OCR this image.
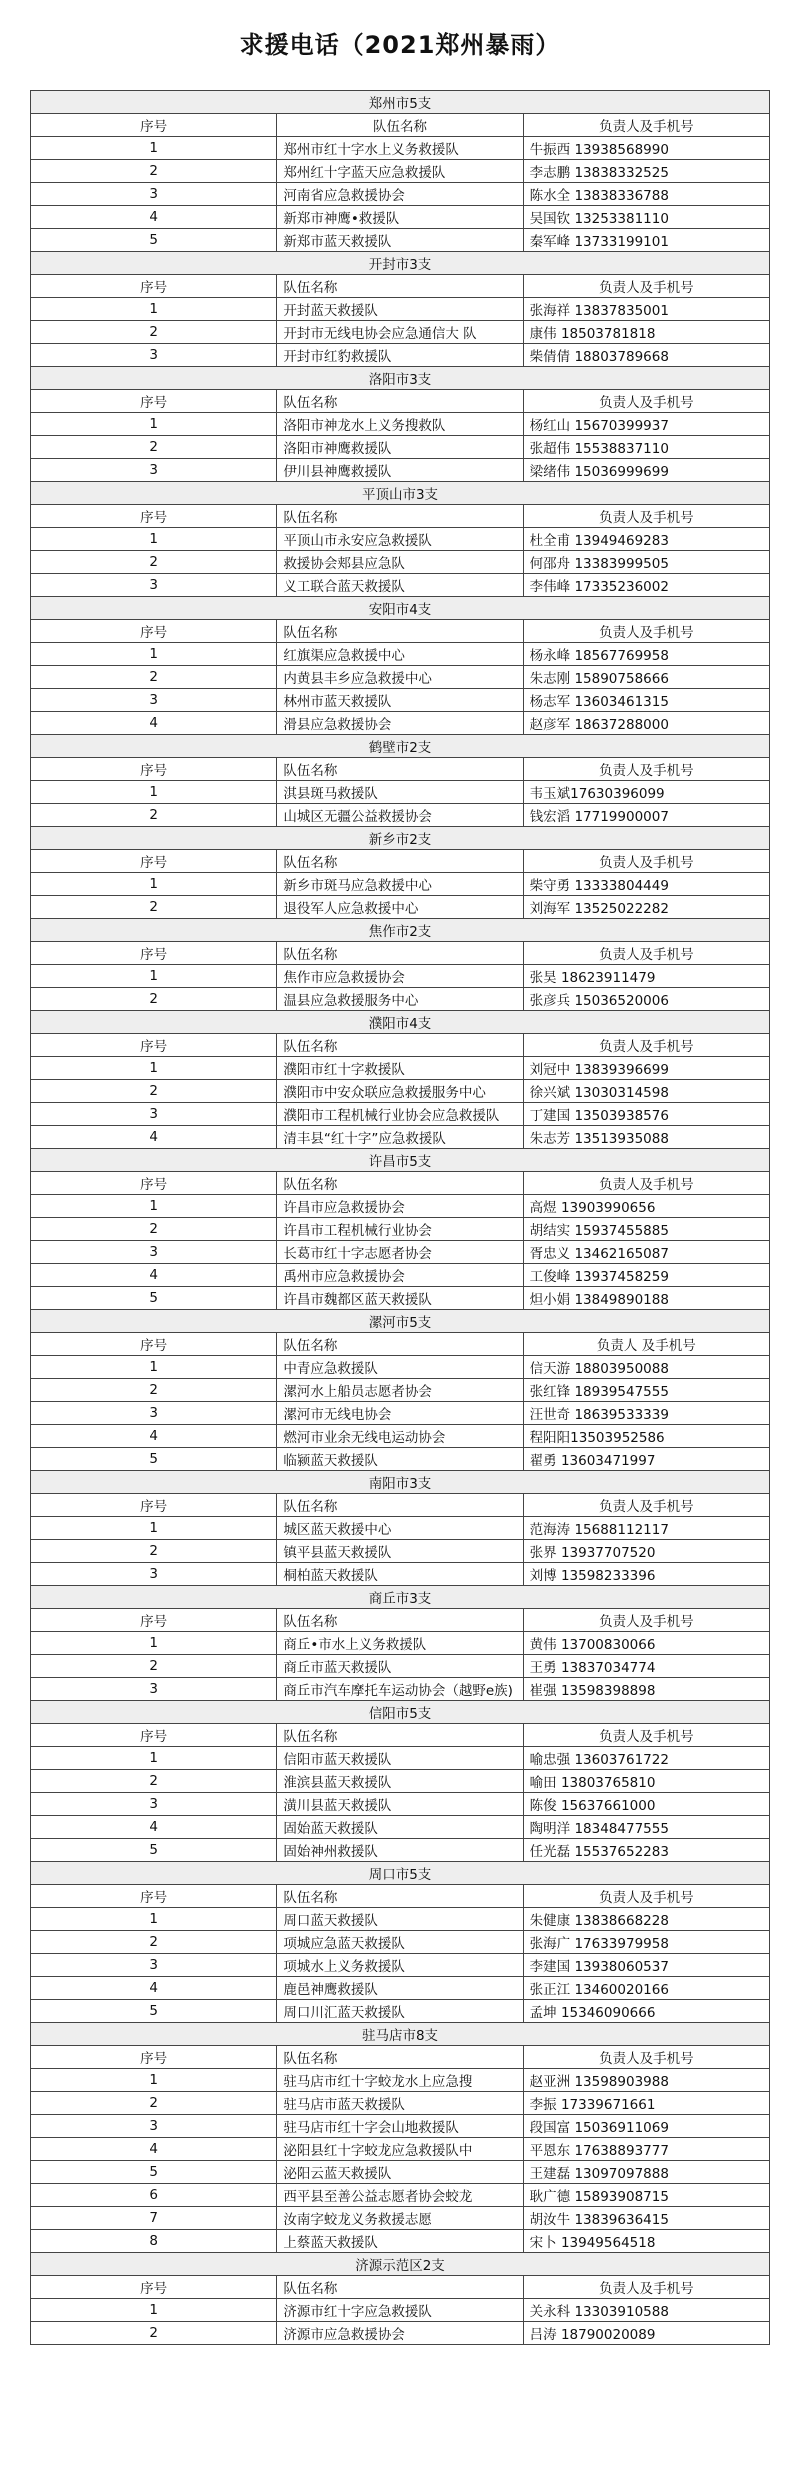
求援电话（2021郑州暴雨）
郑州市5支		
序号	队伍名称	负责人及手机号
1	郑州市红十字水上义务救援队	牛振西 13938568990
2	郑州红十字蓝天应急救援队	李志鹏 13838332525
3	河南省应急救援协会	陈水全 13838336788
4	新郑市神鹰•救援队	吴国钦 13253381110
5	新郑市蓝天救援队	秦军峰 13733199101
开封市3支		
序号	队伍名称	负责人及手机号
1	开封蓝天救援队	张海祥 13837835001
2	开封市无线电协会应急通信大 队	康伟 18503781818
3	开封市红豹救援队	柴倩倩 18803789668
洛阳市3支		
序号	队伍名称	负责人及手机号
1	洛阳市神龙水上义务搜救队	杨红山 15670399937
2	洛阳市神鹰救援队	张超伟 15538837110
3	伊川县神鹰救援队	梁绪伟 15036999699
平顶山市3支		
序号	队伍名称	负责人及手机号
1	平顶山市永安应急救援队	杜全甫 13949469283
2	救援协会郏县应急队	何邵舟 13383999505
3	义工联合蓝天救援队	李伟峰 17335236002
安阳市4支		
序号	队伍名称	负责人及手机号
1	红旗渠应急救援中心	杨永峰 18567769958
2	内黄县丰乡应急救援中心	朱志刚 15890758666
3	林州市蓝天救援队	杨志军 13603461315
4	滑县应急救援协会	赵彦军 18637288000
鹤壁市2支		
序号	队伍名称	负责人及手机号
1	淇县斑马救援队	韦玉斌17630396099
2	山城区无疆公益救援协会	钱宏滔 17719900007
新乡市2支		
序号	队伍名称	负责人及手机号
1	新乡市斑马应急救援中心	柴守勇 13333804449
2	退役军人应急救援中心	刘海军 13525022282
焦作市2支		
序号	队伍名称	负责人及手机号
1	焦作市应急救援协会	张昊 18623911479
2	温县应急救援服务中心	张彦兵 15036520006
濮阳市4支		
序号	队伍名称	负责人及手机号
1	濮阳市红十字救援队	刘冠中 13839396699
2	濮阳市中安众联应急救援服务中心	徐兴斌 13030314598
3	濮阳市工程机械行业协会应急救援队	丁建国 13503938576
4	清丰县“红十字”应急救援队	朱志芳 13513935088
许昌市5支		
序号	队伍名称	负责人及手机号
1	许昌市应急救援协会	高煜 13903990656
2	许昌市工程机械行业协会	胡结实 15937455885
3	长葛市红十字志愿者协会	胥忠义 13462165087
4	禹州市应急救援协会	工俊峰 13937458259
5	许昌市魏都区蓝天救援队	炟小娟 13849890188
漯河市5支		
序号	队伍名称	负责人 及手机号
1	中青应急救援队	信天游 18803950088
2	漯河水上船员志愿者协会	张红锋 18939547555
3	漯河市无线电协会	汪世奇 18639533339
4	燃河市业余无线电运动协会	程阳阳13503952586
5	临颍蓝天救援队	翟勇 13603471997
南阳市3支		
序号	队伍名称	负责人及手机号
1	城区蓝天救援中心	范海涛 15688112117
2	镇平县蓝天救援队	张界 13937707520
3	桐柏蓝天救援队	刘博 13598233396
商丘市3支		
序号	队伍名称	负责人及手机号
1	商丘•市水上义务救援队	黄伟 13700830066
2	商丘市蓝天救援队	王勇 13837034774
3	商丘市汽车摩托车运动协会（越野e族)	崔强 13598398898
信阳市5支		
序号	队伍名称	负责人及手机号
1	信阳市蓝天救援队	喻忠强 13603761722
2	淮滨县蓝天救援队	喻田 13803765810
3	潢川县蓝天救援队	陈俊 15637661000
4	固始蓝天救援队	陶明洋 18348477555
5	固始神州救援队	任光磊 15537652283
周口市5支		
序号	队伍名称	负责人及手机号
1	周口蓝天救援队	朱健康 13838668228
2	项城应急蓝天救援队	张海广 17633979958
3	项城水上义务救援队	李建国 13938060537
4	鹿邑神鹰救援队	张正江 13460020166
5	周口川汇蓝天救援队	孟坤 15346090666
驻马店市8支		
序号	队伍名称	负责人及手机号
1	驻马店市红十字蛟龙水上应急搜	赵亚洲 13598903988
2	驻马店市蓝天救援队	李振 17339671661
3	驻马店市红十字会山地救援队	段国富 15036911069
4	泌阳县红十字蛟龙应急救援队中	平恩东 17638893777
5	泌阳云蓝天救援队	王建磊 13097097888
6	西平县至善公益志愿者协会蛟龙	耿广德 15893908715
7	汝南字蛟龙义务救援志愿	胡汝牛 13839636415
8	上蔡蓝天救援队	宋卜 13949564518
济源示范区2支		
序号	队伍名称	负责人及手机号
1	济源市红十字应急救援队	关永科 13303910588
2	济源市应急救援协会	吕涛 18790020089
